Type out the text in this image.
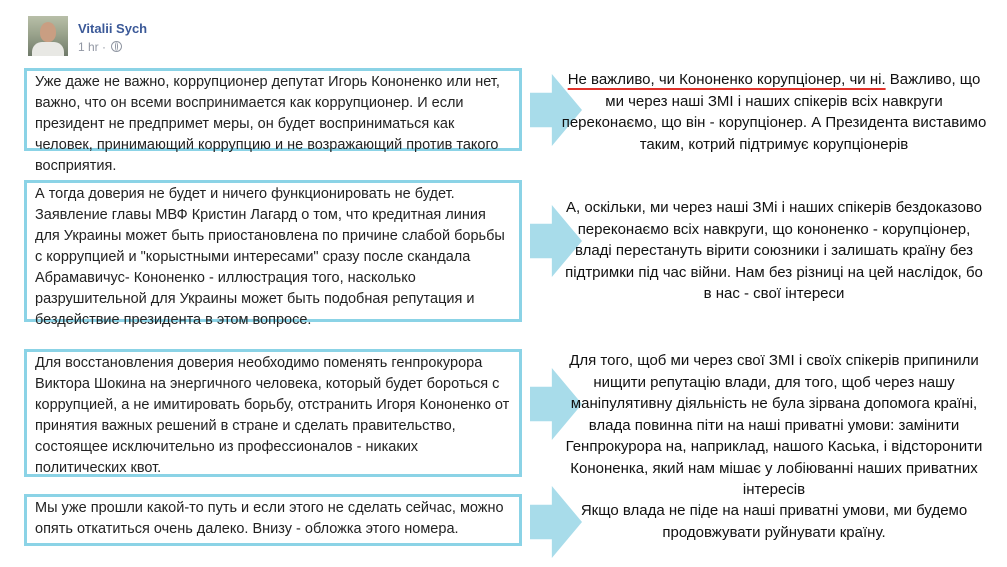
Vitalii Sych
1 hr ·
Уже даже не важно, коррупционер депутат Игорь Кононенко или нет, важно, что он всеми воспринимается как коррупционер. И если президент не предпримет меры, он будет восприниматься как человек, принимающий коррупцию и не возражающий против такого восприятия.
Не важливо, чи Кононенко корупціонер, чи ні. Важливо, що ми через наші ЗМІ і наших спікерів всіх навкруги переконаємо, що він - корупціонер. А Президента виставимо таким, котрий підтримує корупціонерів
А тогда доверия не будет и ничего функционировать не будет. Заявление главы МВФ Кристин Лагард о том, что кредитная линия для Украины может быть приостановлена по причине слабой борьбы с коррупцией и "корыстными интересами" сразу после скандала Абрамавичус- Кононенко - иллюстрация того, насколько разрушительной для Украины может быть подобная репутация и бездействие президента в этом вопросе.
А, оскільки, ми через наші ЗМі і наших спікерів бездоказово переконаємо всіх навкруги, що кононенко - корупціонер, владі перестануть вірити союзники і залишать країну без підтримки під час війни. Нам без різниці на цей наслідок, бо в нас - свої інтереси
Для восстановления доверия необходимо поменять генпрокурора Виктора Шокина на энергичного человека, который будет бороться с коррупцией, а не имитировать борьбу, отстранить Игоря Кононенко от принятия важных решений в стране и сделать правительство, состоящее исключительно из профессионалов - никаких политических квот.
Для того, щоб ми через свої ЗМІ і своїх спікерів припинили нищити репутацію влади, для того, щоб через нашу маніпулятивну діяльність не була зірвана допомога країні, влада повинна піти на наші приватні умови: замінити Генпрокурора на, наприклад, нашого Каська, і відсторонити Кононенка, який нам мішає у лобіюванні наших приватних інтересів
Мы уже прошли какой-то путь и если этого не сделать сейчас, можно опять откатиться очень далеко. Внизу - обложка этого номера.
Якщо влада не піде на наші приватні умови, ми будемо продовжувати руйнувати країну.
